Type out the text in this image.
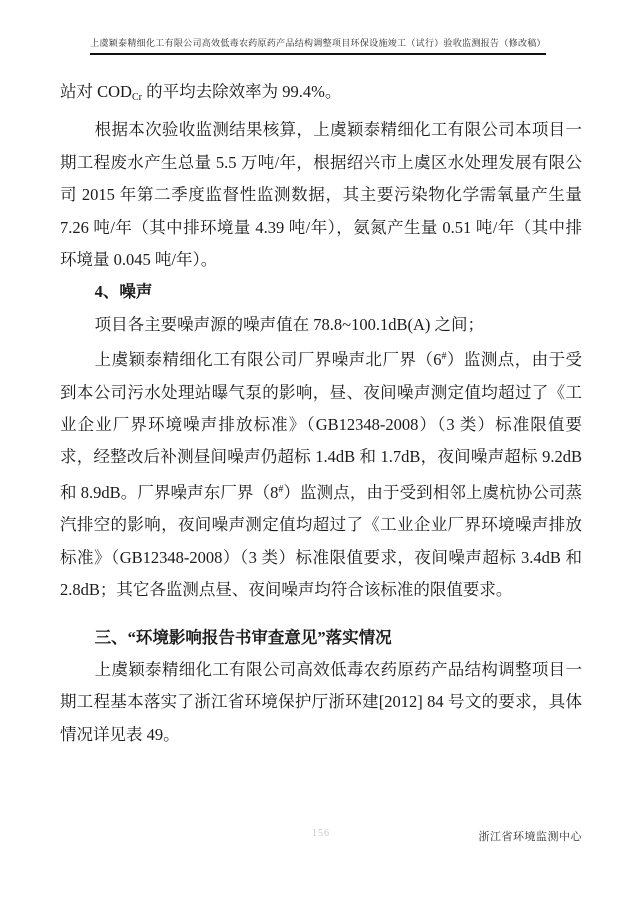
上虞颖泰精细化工有限公司高效低毒农药原药产品结构调整项目环保设施竣工（试行）验收监测报告（修改稿）

站对 $COD_{Cr}$ 的平均去除效率为 99.4%。

根据本次验收监测结果核算，上虞颖泰精细化工有限公司本项目一期工程废水产生总量 5.5 万吨/年，根据绍兴市上虞区水处理发展有限公司 2015 年第二季度监督性监测数据，其主要污染物化学需氧量产生量 7.26 吨/年（其中排环境量 4.39 吨/年），氨氮产生量 0.51 吨/年（其中排环境量 0.045 吨/年）。

4、噪声

项目各主要噪声源的噪声值在 78.8~100.1dB(A) 之间；

上虞颖泰精细化工有限公司厂界噪声北厂界（6#）监测点，由于受到本公司污水处理站曝气泵的影响，昼、夜间噪声测定值均超过了《工业企业厂界环境噪声排放标准》（GB12348-2008）（3 类）标准限值要求，经整改后补测昼间噪声仍超标 1.4dB 和 1.7dB，夜间噪声超标 9.2dB 和 8.9dB。厂界噪声东厂界（8#）监测点，由于受到相邻上虞杭协公司蒸汽排空的影响，夜间噪声测定值均超过了《工业企业厂界环境噪声排放标准》（GB12348-2008）（3 类）标准限值要求，夜间噪声超标 3.4dB 和 2.8dB；其它各监测点昼、夜间噪声均符合该标准的限值要求。

三、“环境影响报告书审查意见”落实情况

上虞颖泰精细化工有限公司高效低毒农药原药产品结构调整项目一期工程基本落实了浙江省环境保护厅浙环建[2012] 84 号文的要求，具体情况详见表 49。

156	浙江省环境监测中心
